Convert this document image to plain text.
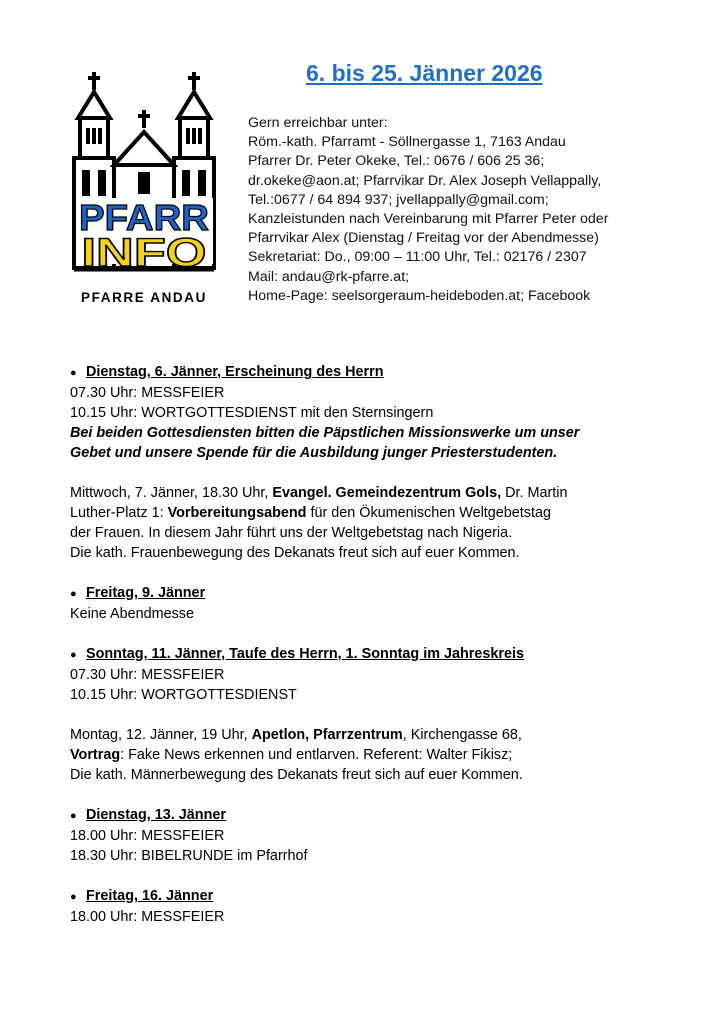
PFARR
INFO
PFARRE ANDAU
6. bis 25. Jänner 2026
Gern erreichbar unter:
Röm.-kath. Pfarramt - Söllnergasse 1, 7163 Andau
Pfarrer Dr. Peter Okeke, Tel.: 0676 / 606 25 36;
dr.okeke@aon.at; Pfarrvikar Dr. Alex Joseph Vellappally,
Tel.:0677 / 64 894 937; jvellappally@gmail.com;
Kanzleistunden nach Vereinbarung mit Pfarrer Peter oder
Pfarrvikar Alex (Dienstag / Freitag vor der Abendmesse)
Sekretariat: Do., 09:00 – 11:00 Uhr, Tel.: 02176 / 2307
Mail: andau@rk-pfarre.at;
Home-Page: seelsorgeraum-heideboden.at; Facebook
● Dienstag, 6. Jänner, Erscheinung des Herrn
07.30 Uhr: MESSFEIER
10.15 Uhr: WORTGOTTESDIENST mit den Sternsingern
Bei beiden Gottesdiensten bitten die Päpstlichen Missionswerke um unser
Gebet und unsere Spende für die Ausbildung junger Priesterstudenten.
Mittwoch, 7. Jänner, 18.30 Uhr, Evangel. Gemeindezentrum Gols, Dr. Martin
Luther-Platz 1: Vorbereitungsabend für den Ökumenischen Weltgebetstag
der Frauen. In diesem Jahr führt uns der Weltgebetstag nach Nigeria.
Die kath. Frauenbewegung des Dekanats freut sich auf euer Kommen.
● Freitag, 9. Jänner
Keine Abendmesse
● Sonntag, 11. Jänner, Taufe des Herrn, 1. Sonntag im Jahreskreis
07.30 Uhr: MESSFEIER
10.15 Uhr: WORTGOTTESDIENST
Montag, 12. Jänner, 19 Uhr, Apetlon, Pfarrzentrum, Kirchengasse 68,
Vortrag: Fake News erkennen und entlarven. Referent: Walter Fikisz;
Die kath. Männerbewegung des Dekanats freut sich auf euer Kommen.
● Dienstag, 13. Jänner
18.00 Uhr: MESSFEIER
18.30 Uhr: BIBELRUNDE im Pfarrhof
● Freitag, 16. Jänner
18.00 Uhr: MESSFEIER
